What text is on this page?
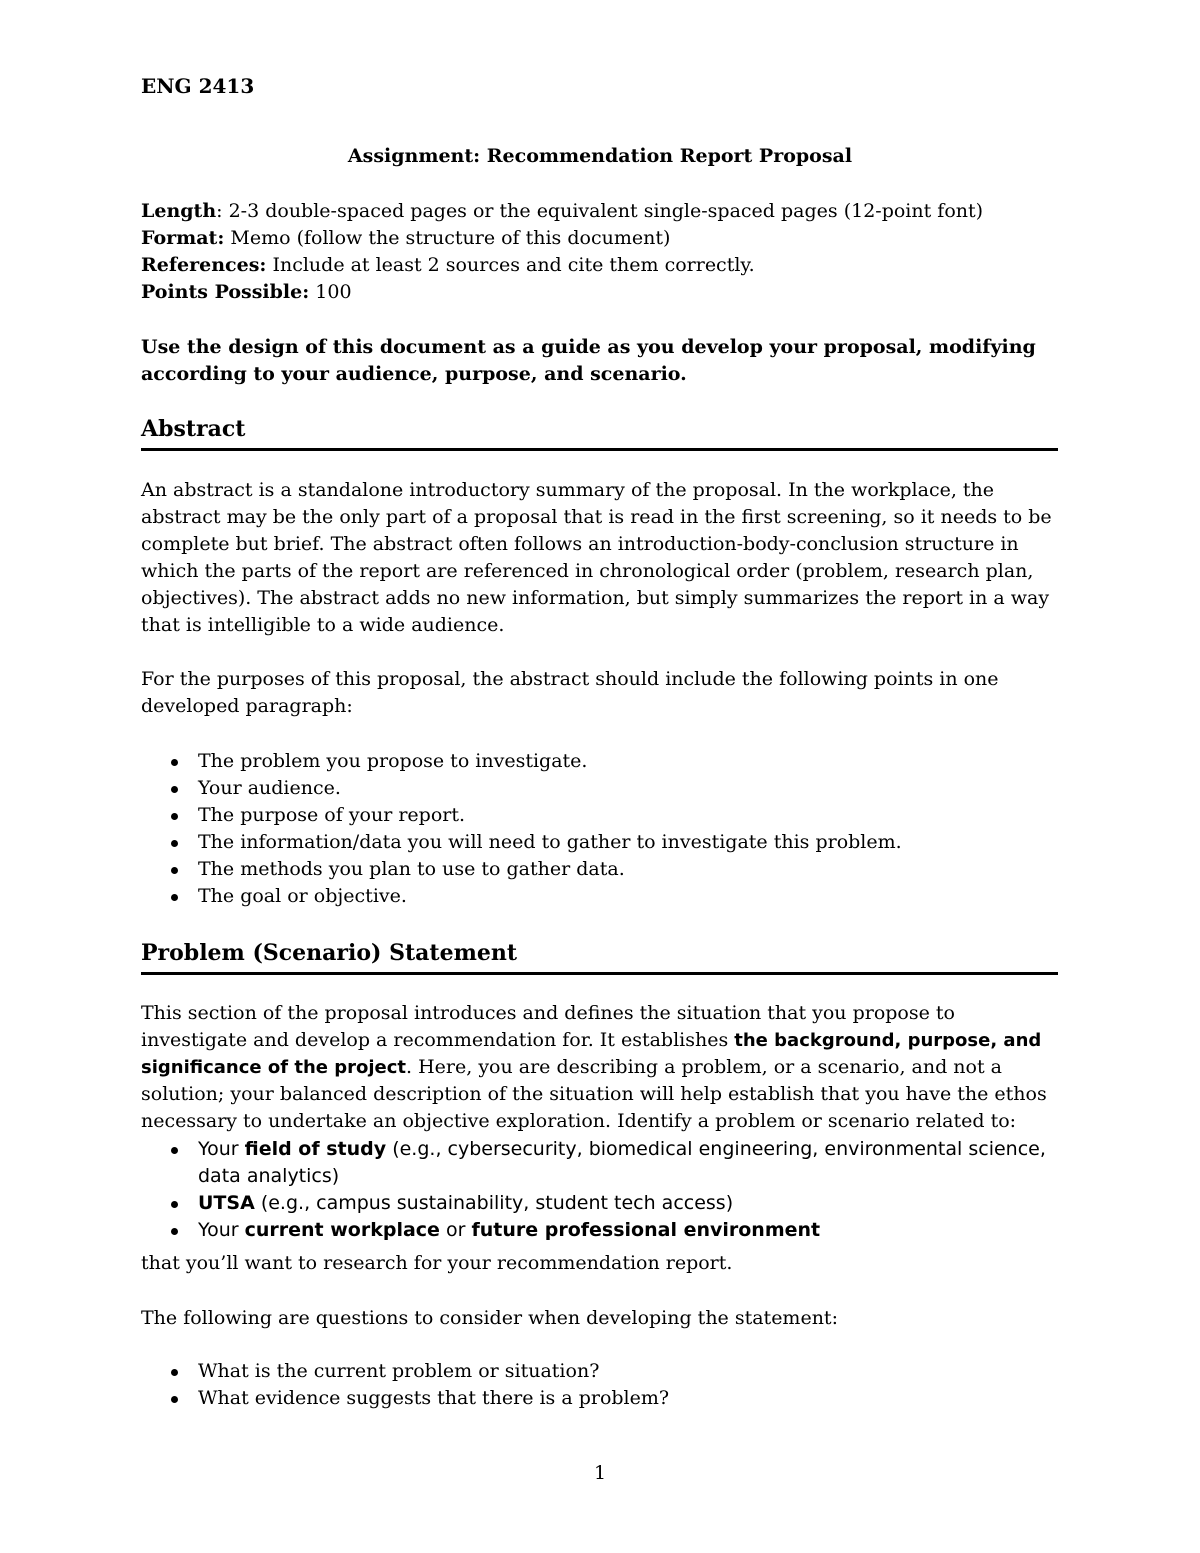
ENG 2413
Assignment: Recommendation Report Proposal
Length: 2-3 double-spaced pages or the equivalent single-spaced pages (12-point font)
Format: Memo (follow the structure of this document)
References: Include at least 2 sources and cite them correctly.
Points Possible: 100
Use the design of this document as a guide as you develop your proposal, modifying according to your audience, purpose, and scenario.
Abstract
An abstract is a standalone introductory summary of the proposal. In the workplace, the abstract may be the only part of a proposal that is read in the first screening, so it needs to be complete but brief. The abstract often follows an introduction-body-conclusion structure in which the parts of the report are referenced in chronological order (problem, research plan, objectives). The abstract adds no new information, but simply summarizes the report in a way that is intelligible to a wide audience.
For the purposes of this proposal, the abstract should include the following points in one developed paragraph:
The problem you propose to investigate.
Your audience.
The purpose of your report.
The information/data you will need to gather to investigate this problem.
The methods you plan to use to gather data.
The goal or objective.
Problem (Scenario) Statement
This section of the proposal introduces and defines the situation that you propose to investigate and develop a recommendation for. It establishes the background, purpose, and significance of the project. Here, you are describing a problem, or a scenario, and not a solution; your balanced description of the situation will help establish that you have the ethos necessary to undertake an objective exploration. Identify a problem or scenario related to:
Your field of study (e.g., cybersecurity, biomedical engineering, environmental science, data analytics)
UTSA (e.g., campus sustainability, student tech access)
Your current workplace or future professional environment
that you’ll want to research for your recommendation report.
The following are questions to consider when developing the statement:
What is the current problem or situation?
What evidence suggests that there is a problem?
1
